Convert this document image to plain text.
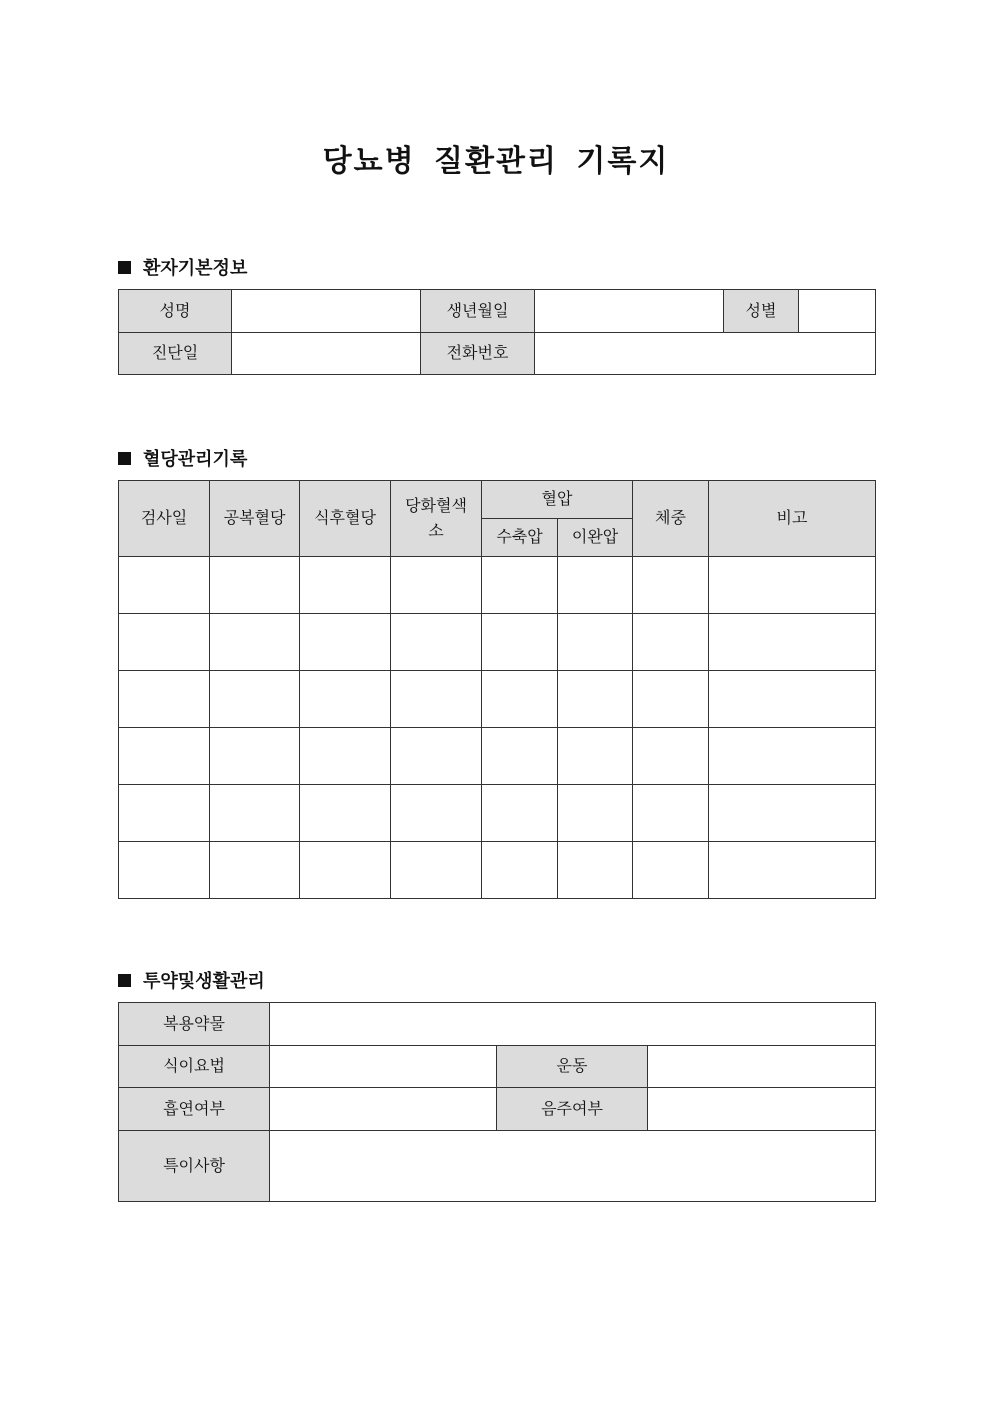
당뇨병 질환관리 기록지
환자기본정보
성명		생년월일		성별	
진단일		전화번호			
혈당관리기록
검사일	공복혈당	식후혈당	당화혈색소	혈압		체중	비고
				수축압	이완압		

투약및생활관리
복용약물			
식이요법		운동	
흡연여부		음주여부	
특이사항			
